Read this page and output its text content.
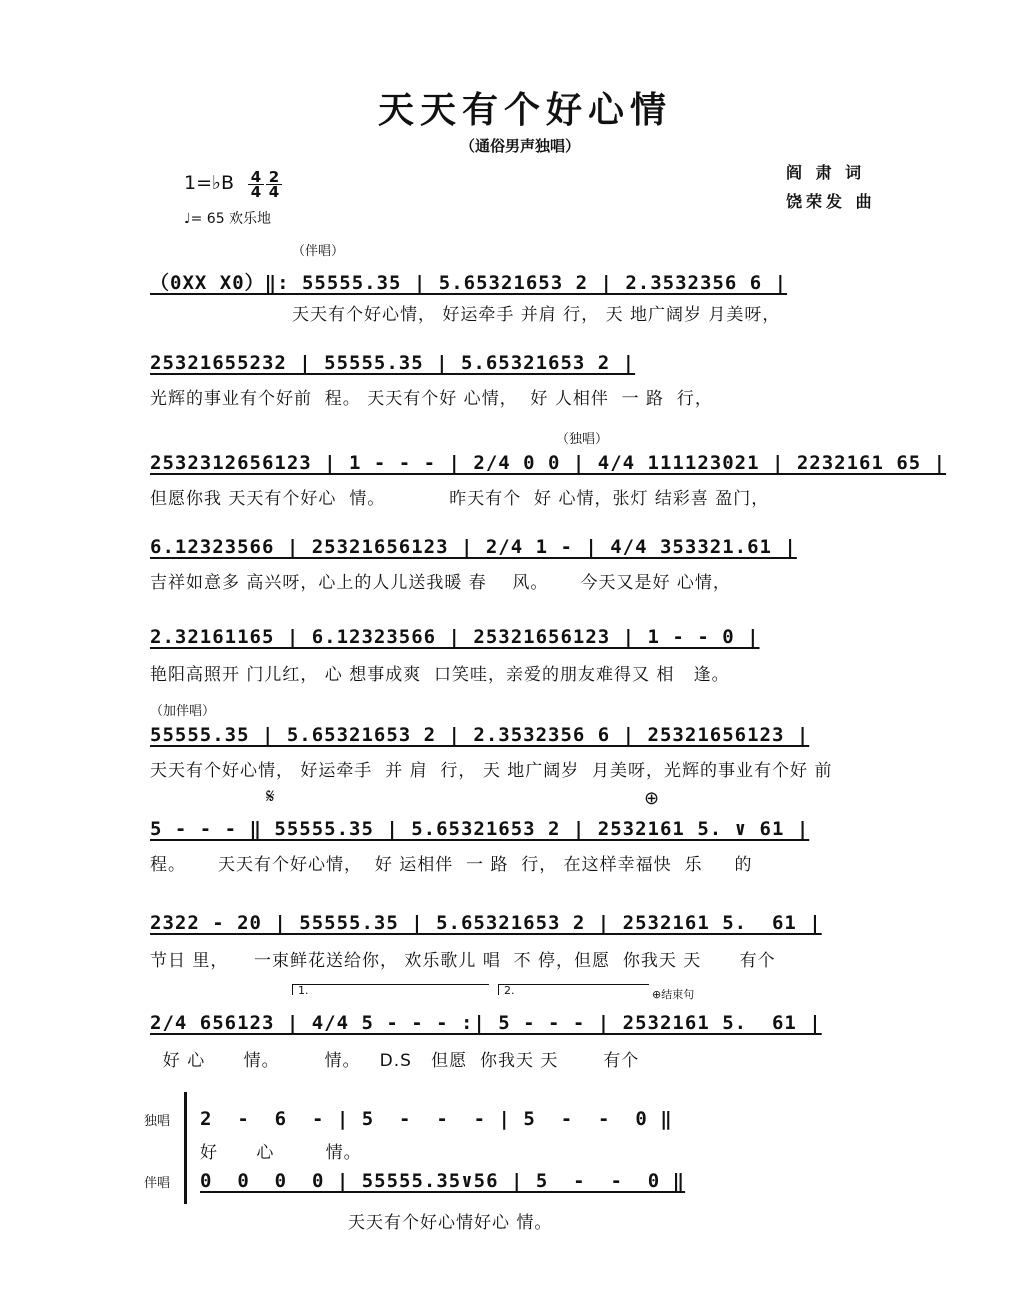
天天有个好心情
（通俗男声独唱）
阎 肃 词
饶荣发 曲
1=♭B 4
4
2
4
♩= 65 欢乐地
（伴唱）
（0XX X0）‖: 55555.35 | 5.65321653 2 | 2.3532356 6 |
天天有个好心情， 好运牵手 并肩 行， 天 地广阔岁 月美呀，
25321655232 | 55555.35 | 5.65321653 2 |
光辉的事业有个好前  程。 天天有个好 心情，  好 人相伴  一 路  行，
（独唱）
2532312656123 | 1 - - - | 2/4 0 0 | 4/4 111123021 | 2232161 65 |
但愿你我 天天有个好心  情。          昨天有个  好 心情，张灯 结彩喜 盈门，
6.12323566 | 25321656123 | 2/4 1 - | 4/4 353321.61 |
吉祥如意多 高兴呀，心上的人儿送我暖 春    风。     今天又是好 心情，
2.32161165 | 6.12323566 | 25321656123 | 1 - - 0 |
艳阳高照开 门儿红， 心 想事成爽  口笑哇，亲爱的朋友难得又 相   逢。
（加伴唱）
55555.35 | 5.65321653 2 | 2.3532356 6 | 25321656123 |
天天有个好心情， 好运牵手  并 肩  行， 天 地广阔岁  月美呀，光辉的事业有个好 前
𝄋	⊕
5 - - - ‖ 55555.35 | 5.65321653 2 | 2532161 5. ∨ 61 |
程。     天天有个好心情，  好 运相伴  一 路  行， 在这样幸福快  乐     的
2322 - 20 | 55555.35 | 5.65321653 2 | 2532161 5.  61 |
节日 里，    一束鲜花送给你， 欢乐歌儿 唱  不 停，但愿  你我天 天      有个
1.	2.	⊕结束句
2/4 656123 | 4/4 5 - - - :| 5 - - - | 2532161 5.  61 |
好 心      情。       情。   D.S   但愿  你我天 天       有个
独唱
伴唱
2  -  6  - | 5  -  -  - | 5  -  -  0 ‖
好      心        情。
0  0  0  0 | 55555.35∨56 | 5  -  -  0 ‖
天天有个好心情好心 情。
